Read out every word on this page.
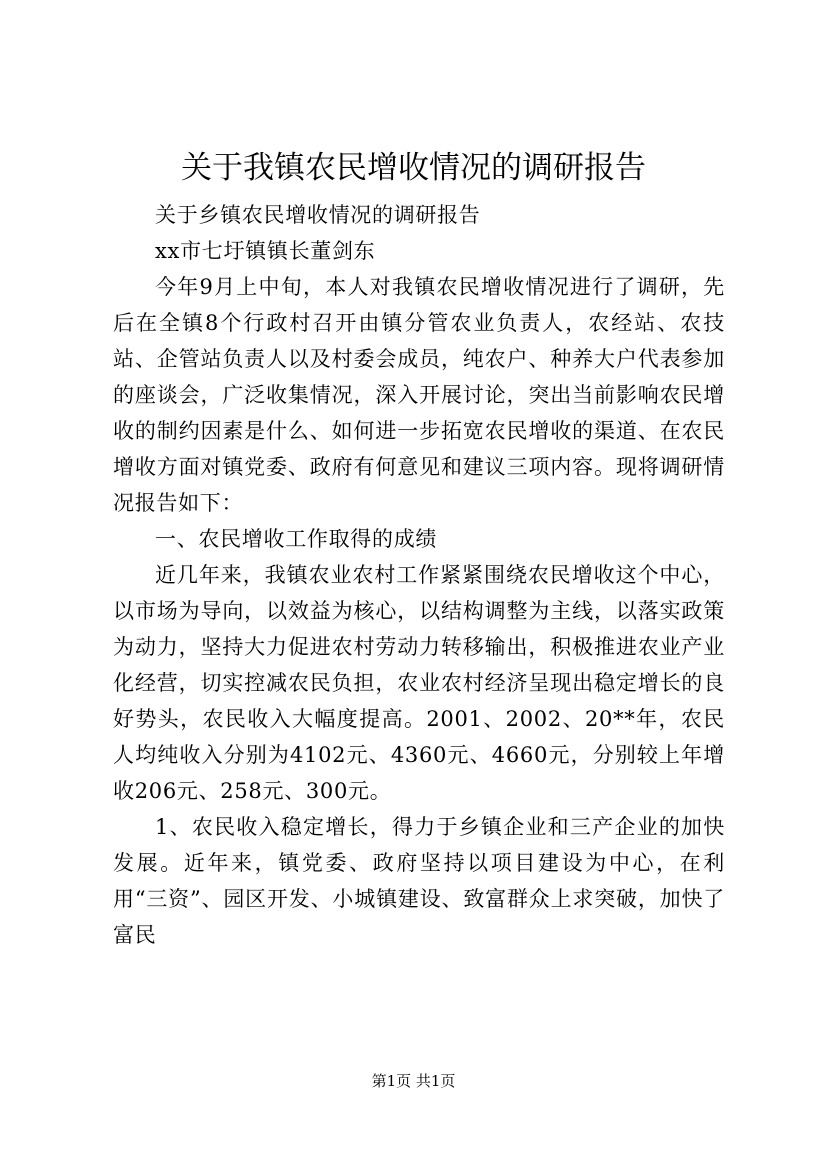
关于我镇农民增收情况的调研报告

关于乡镇农民增收情况的调研报告

xx市七圩镇镇长董剑东

今年9月上中旬，本人对我镇农民增收情况进行了调研，先后在全镇8个行政村召开由镇分管农业负责人，农经站、农技站、企管站负责人以及村委会成员，纯农户、种养大户代表参加的座谈会，广泛收集情况，深入开展讨论，突出当前影响农民增收的制约因素是什么、如何进一步拓宽农民增收的渠道、在农民增收方面对镇党委、政府有何意见和建议三项内容。现将调研情况报告如下：

一、农民增收工作取得的成绩

近几年来，我镇农业农村工作紧紧围绕农民增收这个中心，以市场为导向，以效益为核心，以结构调整为主线，以落实政策为动力，坚持大力促进农村劳动力转移输出，积极推进农业产业化经营，切实控减农民负担，农业农村经济呈现出稳定增长的良好势头，农民收入大幅度提高。2001、2002、20**年，农民人均纯收入分别为4102元、4360元、4660元，分别较上年增收206元、258元、300元。

1、农民收入稳定增长，得力于乡镇企业和三产企业的加快发展。近年来，镇党委、政府坚持以项目建设为中心，在利用“三资”、园区开发、小城镇建设、致富群众上求突破，加快了富民

第1页 共1页
